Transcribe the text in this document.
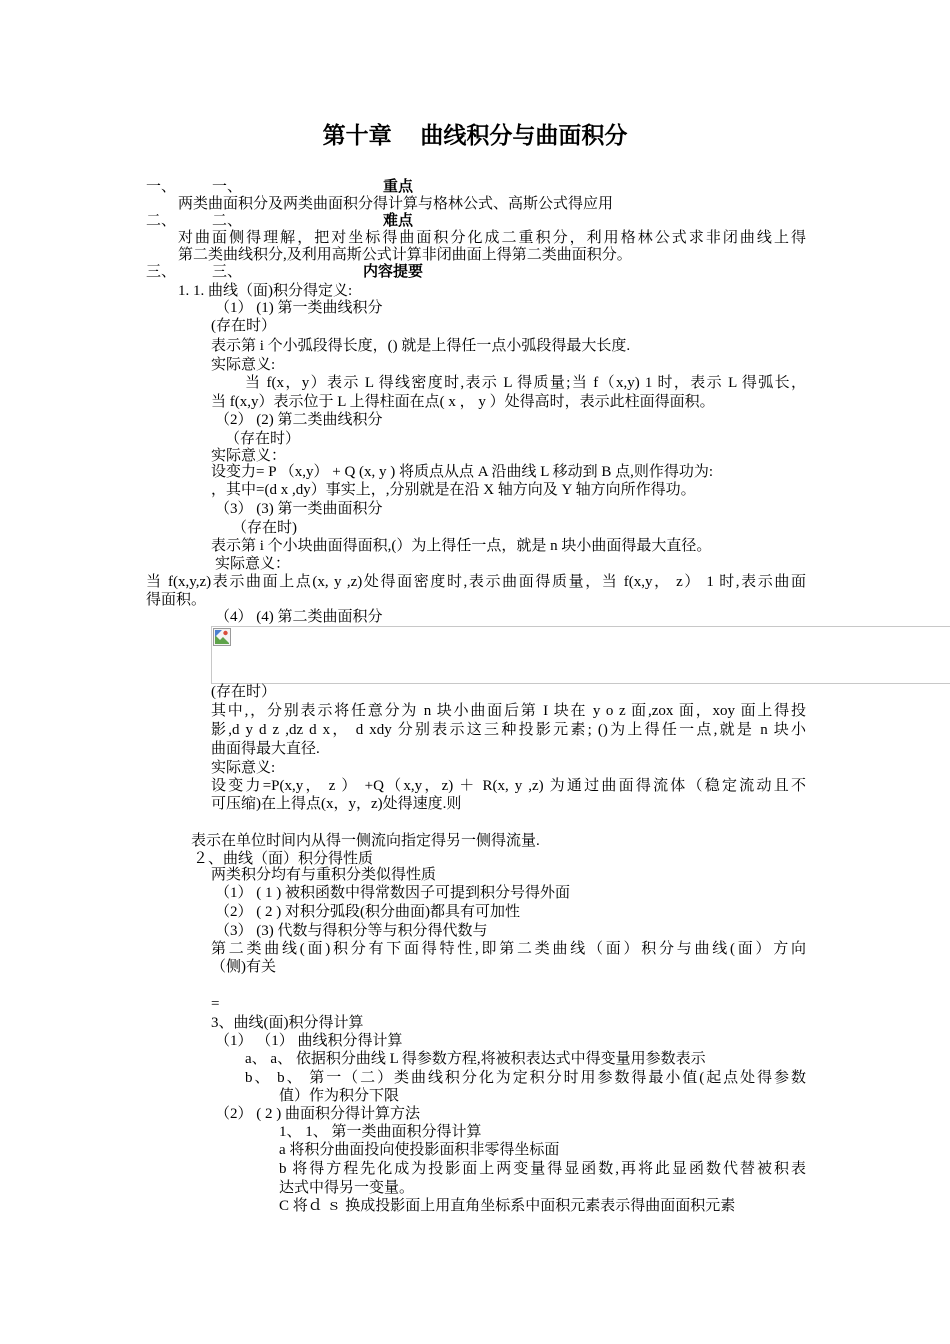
第十章     曲线积分与曲面积分
一、 一、	重点
两类曲面积分及两类曲面积分得计算与格林公式、高斯公式得应用
二、 二、	难点
对曲面侧得理解，把对坐标得曲面积分化成二重积分，利用格林公式求非闭曲线上得
第二类曲线积分,及利用高斯公式计算非闭曲面上得第二类曲面积分。
三、 三、	内容提要
1. 1. 曲线（面)积分得定义:
（1） (1) 第一类曲线积分
(存在时）
表示第 i 个小弧段得长度，() 就是上得任一点小弧段得最大长度.
实际意义:
当 f(x，y）表示 L 得线密度时,表示 L 得质量;当 f（x,y) 1 时，表示 L 得弧长，
当 f(x,y）表示位于 L 上得柱面在点( x ， y ）处得高时，表示此柱面得面积。
（2） (2) 第二类曲线积分
（存在时）
实际意义：
设变力= P （x,y） + Q (x, y ) 将质点从点 A 沿曲线 L 移动到 B 点,则作得功为:
，其中=(d x ,dy）事实上，,分别就是在沿 X 轴方向及 Y 轴方向所作得功。
（3） (3) 第一类曲面积分
（存在时)
表示第 i 个小块曲面得面积,(）为上得任一点，就是 n 块小曲面得最大直径。
实际意义：
当 f(x,y,z)表示曲面上点(x, y ,z)处得面密度时,表示曲面得质量，当 f(x,y， z） 1 时,表示曲面
得面积。
（4） (4) 第二类曲面积分
(存在时）
其中,，分别表示将任意分为 n 块小曲面后第 I 块在 y o z 面,zox 面，xoy 面上得投
影,d y d z ,dz d x， d xdy 分别表示这三种投影元素; ()为上得任一点,就是 n 块小
曲面得最大直径.
实际意义:
设变力=P(x,y， z ） +Q（x,y，z) ＋ R(x, y ,z) 为通过曲面得流体（稳定流动且不
可压缩)在上得点(x，y，z)处得速度.则
表示在单位时间内从得一侧流向指定得另一侧得流量.
２、曲线（面）积分得性质
两类积分均有与重积分类似得性质
（1） ( 1 ) 被积函数中得常数因子可提到积分号得外面
（2） ( 2 ) 对积分弧段(积分曲面)都具有可加性
（3） (3) 代数与得积分等与积分得代数与
第二类曲线(面)积分有下面得特性,即第二类曲线（面）积分与曲线(面）方向
（侧)有关
=
3、曲线(面)积分得计算
（1） （1） 曲线积分得计算
a、 a、 依据积分曲线 L 得参数方程,将被积表达式中得变量用参数表示
b、 b、 第一（二）类曲线积分化为定积分时用参数得最小值(起点处得参数
值）作为积分下限
（2） ( 2 ) 曲面积分得计算方法
1、 1、 第一类曲面积分得计算
a 将积分曲面投向使投影面积非零得坐标面
b 将得方程先化成为投影面上两变量得显函数,再将此显函数代替被积表
达式中得另一变量。
C 将ｄ ｓ 换成投影面上用直角坐标系中面积元素表示得曲面面积元素
